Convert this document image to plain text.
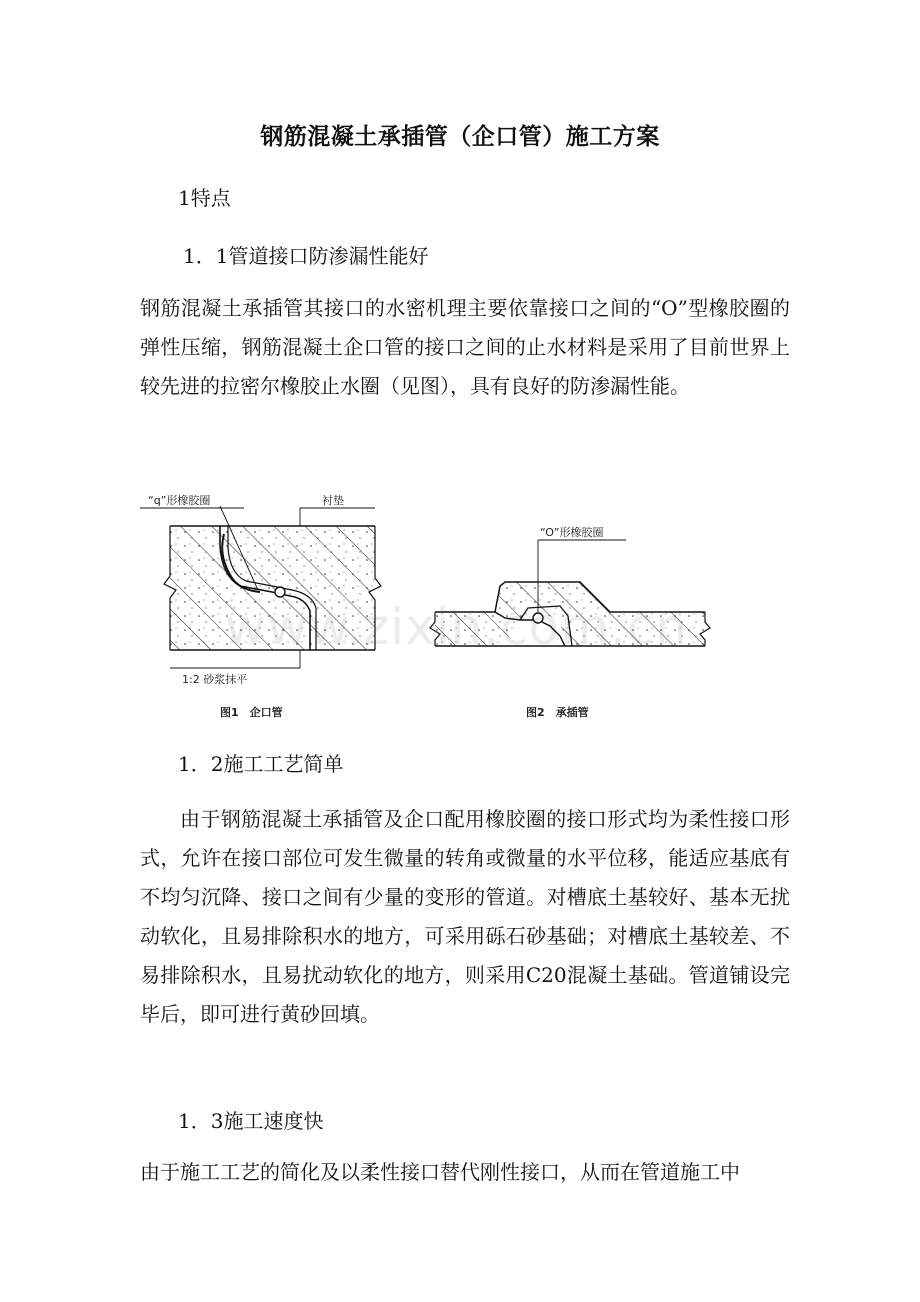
钢筋混凝土承插管（企口管）施工方案
1特点
1．1管道接口防渗漏性能好

钢筋混凝土承插管其接口的水密机理主要依靠接口之间的“O”型橡胶圈的弹性压缩，钢筋混凝土企口管的接口之间的止水材料是采用了目前世界上较先进的拉密尔橡胶止水圈（见图），具有良好的防渗漏性能。

“q”形橡胶圈	衬垫
1:2 砂浆抹平
图1　企口管
“O”形橡胶圈
图2　承插管
1．2施工工艺简单

由于钢筋混凝土承插管及企口配用橡胶圈的接口形式均为柔性接口形式，允许在接口部位可发生微量的转角或微量的水平位移，能适应基底有不均匀沉降、接口之间有少量的变形的管道。对槽底土基较好、基本无扰动软化，且易排除积水的地方，可采用砾石砂基础；对槽底土基较差、不易排除积水，且易扰动软化的地方，则采用C20混凝土基础。管道铺设完毕后，即可进行黄砂回填。

1．3施工速度快

由于施工工艺的简化及以柔性接口替代刚性接口，从而在管道施工中
